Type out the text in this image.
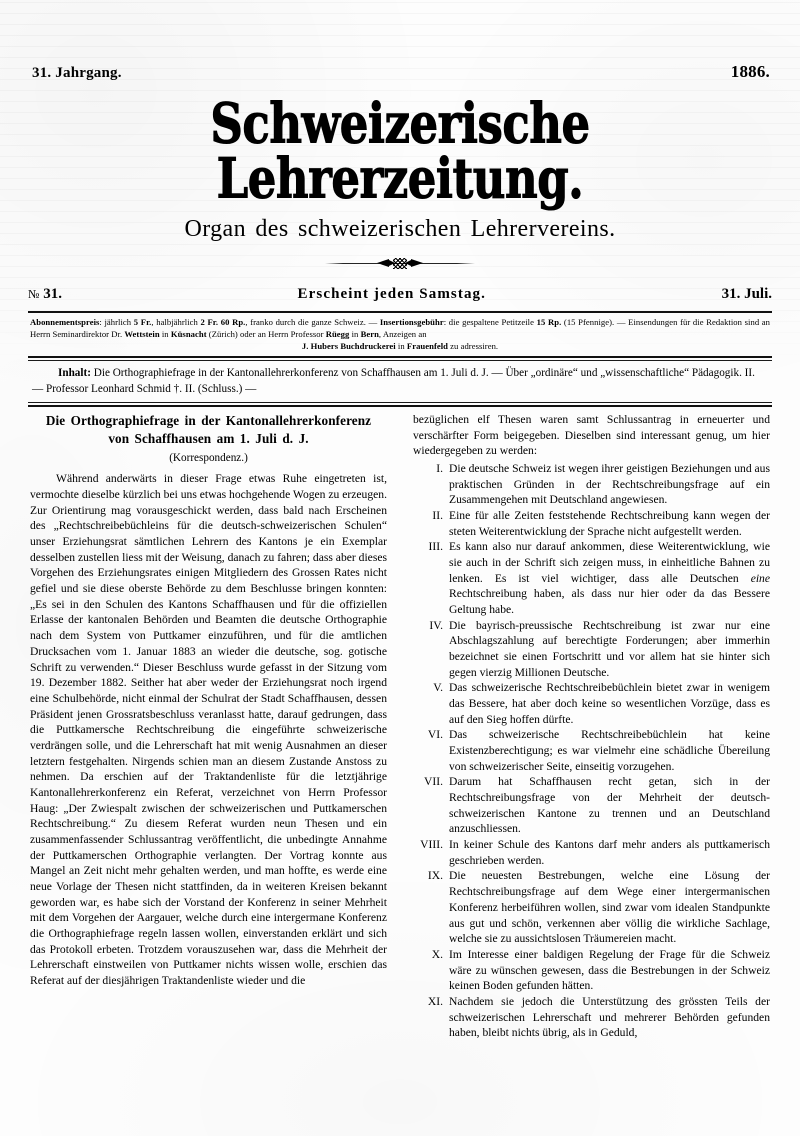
31. Jahrgang.	1886.
Schweizerische Lehrerzeitung.
Organ des schweizerischen Lehrervereins.
№ 31.	Erscheint jeden Samstag.	31. Juli.
Abonnementspreis: jährlich 5 Fr., halbjährlich 2 Fr. 60 Rp., franko durch die ganze Schweiz. — Insertionsgebühr: die gespaltene Petitzeile 15 Rp. (15 Pfennige). — Einsendungen für die Redaktion sind an Herrn Seminardirektor Dr. Wettstein in Küsnacht (Zürich) oder an Herrn Professor Rüegg in Bern, Anzeigen an
J. Hubers Buchdruckerei in Frauenfeld zu adressiren.
Inhalt: Die Orthographiefrage in der Kantonallehrerkonferenz von Schaffhausen am 1. Juli d. J. — Über „ordinäre“ und „wissenschaftliche“ Pädagogik. II. — Professor Leonhard Schmid †. II. (Schluss.) —
Die Orthographiefrage in der Kantonallehrerkonferenz
von Schaffhausen am 1. Juli d. J.
(Korrespondenz.)

Während anderwärts in dieser Frage etwas Ruhe eingetreten ist, vermochte dieselbe kürzlich bei uns etwas hochgehende Wogen zu erzeugen. Zur Orientirung mag vorausgeschickt werden, dass bald nach Erscheinen des „Rechtschreibebüchleins für die deutsch-schweizerischen Schulen“ unser Erziehungsrat sämtlichen Lehrern des Kantons je ein Exemplar desselben zustellen liess mit der Weisung, danach zu fahren; dass aber dieses Vorgehen des Erziehungsrates einigen Mitgliedern des Grossen Rates nicht gefiel und sie diese oberste Behörde zu dem Beschlusse bringen konnten: „Es sei in den Schulen des Kantons Schaffhausen und für die offiziellen Erlasse der kantonalen Behörden und Beamten die deutsche Orthographie nach dem System von Puttkamer einzuführen, und für die amtlichen Drucksachen vom 1. Januar 1883 an wieder die deutsche, sog. gotische Schrift zu verwenden.“ Dieser Beschluss wurde gefasst in der Sitzung vom 19. Dezember 1882. Seither hat aber weder der Erziehungsrat noch irgend eine Schulbehörde, nicht einmal der Schulrat der Stadt Schaffhausen, dessen Präsident jenen Grossratsbeschluss veranlasst hatte, darauf gedrungen, dass die Puttkamersche Rechtschreibung die eingeführte schweizerische verdrängen solle, und die Lehrerschaft hat mit wenig Ausnahmen an dieser letztern festgehalten. Nirgends schien man an diesem Zustande Anstoss zu nehmen. Da erschien auf der Traktandenliste für die letztjährige Kantonallehrerkonferenz ein Referat, verzeichnet von Herrn Professor Haug: „Der Zwiespalt zwischen der schweizerischen und Puttkamerschen Rechtschreibung.“ Zu diesem Referat wurden neun Thesen und ein zusammenfassender Schlussantrag veröffentlicht, die unbedingte Annahme der Puttkamerschen Orthographie verlangten. Der Vortrag konnte aus Mangel an Zeit nicht mehr gehalten werden, und man hoffte, es werde eine neue Vorlage der Thesen nicht stattfinden, da in weiteren Kreisen bekannt geworden war, es habe sich der Vorstand der Konferenz in seiner Mehrheit mit dem Vorgehen der Aargauer, welche durch eine intergermane Konferenz die Orthographiefrage regeln lassen wollen, einverstanden erklärt und sich das Protokoll erbeten. Trotzdem vorauszusehen war, dass die Mehrheit der Lehrerschaft einstweilen von Puttkamer nichts wissen wolle, erschien das Referat auf der diesjährigen Traktandenliste wieder und die

bezüglichen elf Thesen waren samt Schlussantrag in erneuerter und verschärfter Form beigegeben. Dieselben sind interessant genug, um hier wiedergegeben zu werden:

I. Die deutsche Schweiz ist wegen ihrer geistigen Beziehungen und aus praktischen Gründen in der Rechtschreibungsfrage auf ein Zusammengehen mit Deutschland angewiesen.
II. Eine für alle Zeiten feststehende Rechtschreibung kann wegen der steten Weiterentwicklung der Sprache nicht aufgestellt werden.
III. Es kann also nur darauf ankommen, diese Weiterentwicklung, wie sie auch in der Schrift sich zeigen muss, in einheitliche Bahnen zu lenken. Es ist viel wichtiger, dass alle Deutschen eine Rechtschreibung haben, als dass nur hier oder da das Bessere Geltung habe.
IV. Die bayrisch-preussische Rechtschreibung ist zwar nur eine Abschlagszahlung auf berechtigte Forderungen; aber immerhin bezeichnet sie einen Fortschritt und vor allem hat sie hinter sich gegen vierzig Millionen Deutsche.
V. Das schweizerische Rechtschreibebüchlein bietet zwar in wenigem das Bessere, hat aber doch keine so wesentlichen Vorzüge, dass es auf den Sieg hoffen dürfte.
VI. Das schweizerische Rechtschreibebüchlein hat keine Existenzberechtigung; es war vielmehr eine schädliche Übereilung von schweizerischer Seite, einseitig vorzugehen.
VII. Darum hat Schaffhausen recht getan, sich in der Rechtschreibungsfrage von der Mehrheit der deutsch-schweizerischen Kantone zu trennen und an Deutschland anzuschliessen.
VIII. In keiner Schule des Kantons darf mehr anders als puttkamerisch geschrieben werden.
IX. Die neuesten Bestrebungen, welche eine Lösung der Rechtschreibungsfrage auf dem Wege einer intergermanischen Konferenz herbeiführen wollen, sind zwar vom idealen Standpunkte aus gut und schön, verkennen aber völlig die wirkliche Sachlage, welche sie zu aussichtslosen Träumereien macht.
X. Im Interesse einer baldigen Regelung der Frage für die Schweiz wäre zu wünschen gewesen, dass die Bestrebungen in der Schweiz keinen Boden gefunden hätten.
XI. Nachdem sie jedoch die Unterstützung des grössten Teils der schweizerischen Lehrerschaft und mehrerer Behörden gefunden haben, bleibt nichts übrig, als in Geduld,
